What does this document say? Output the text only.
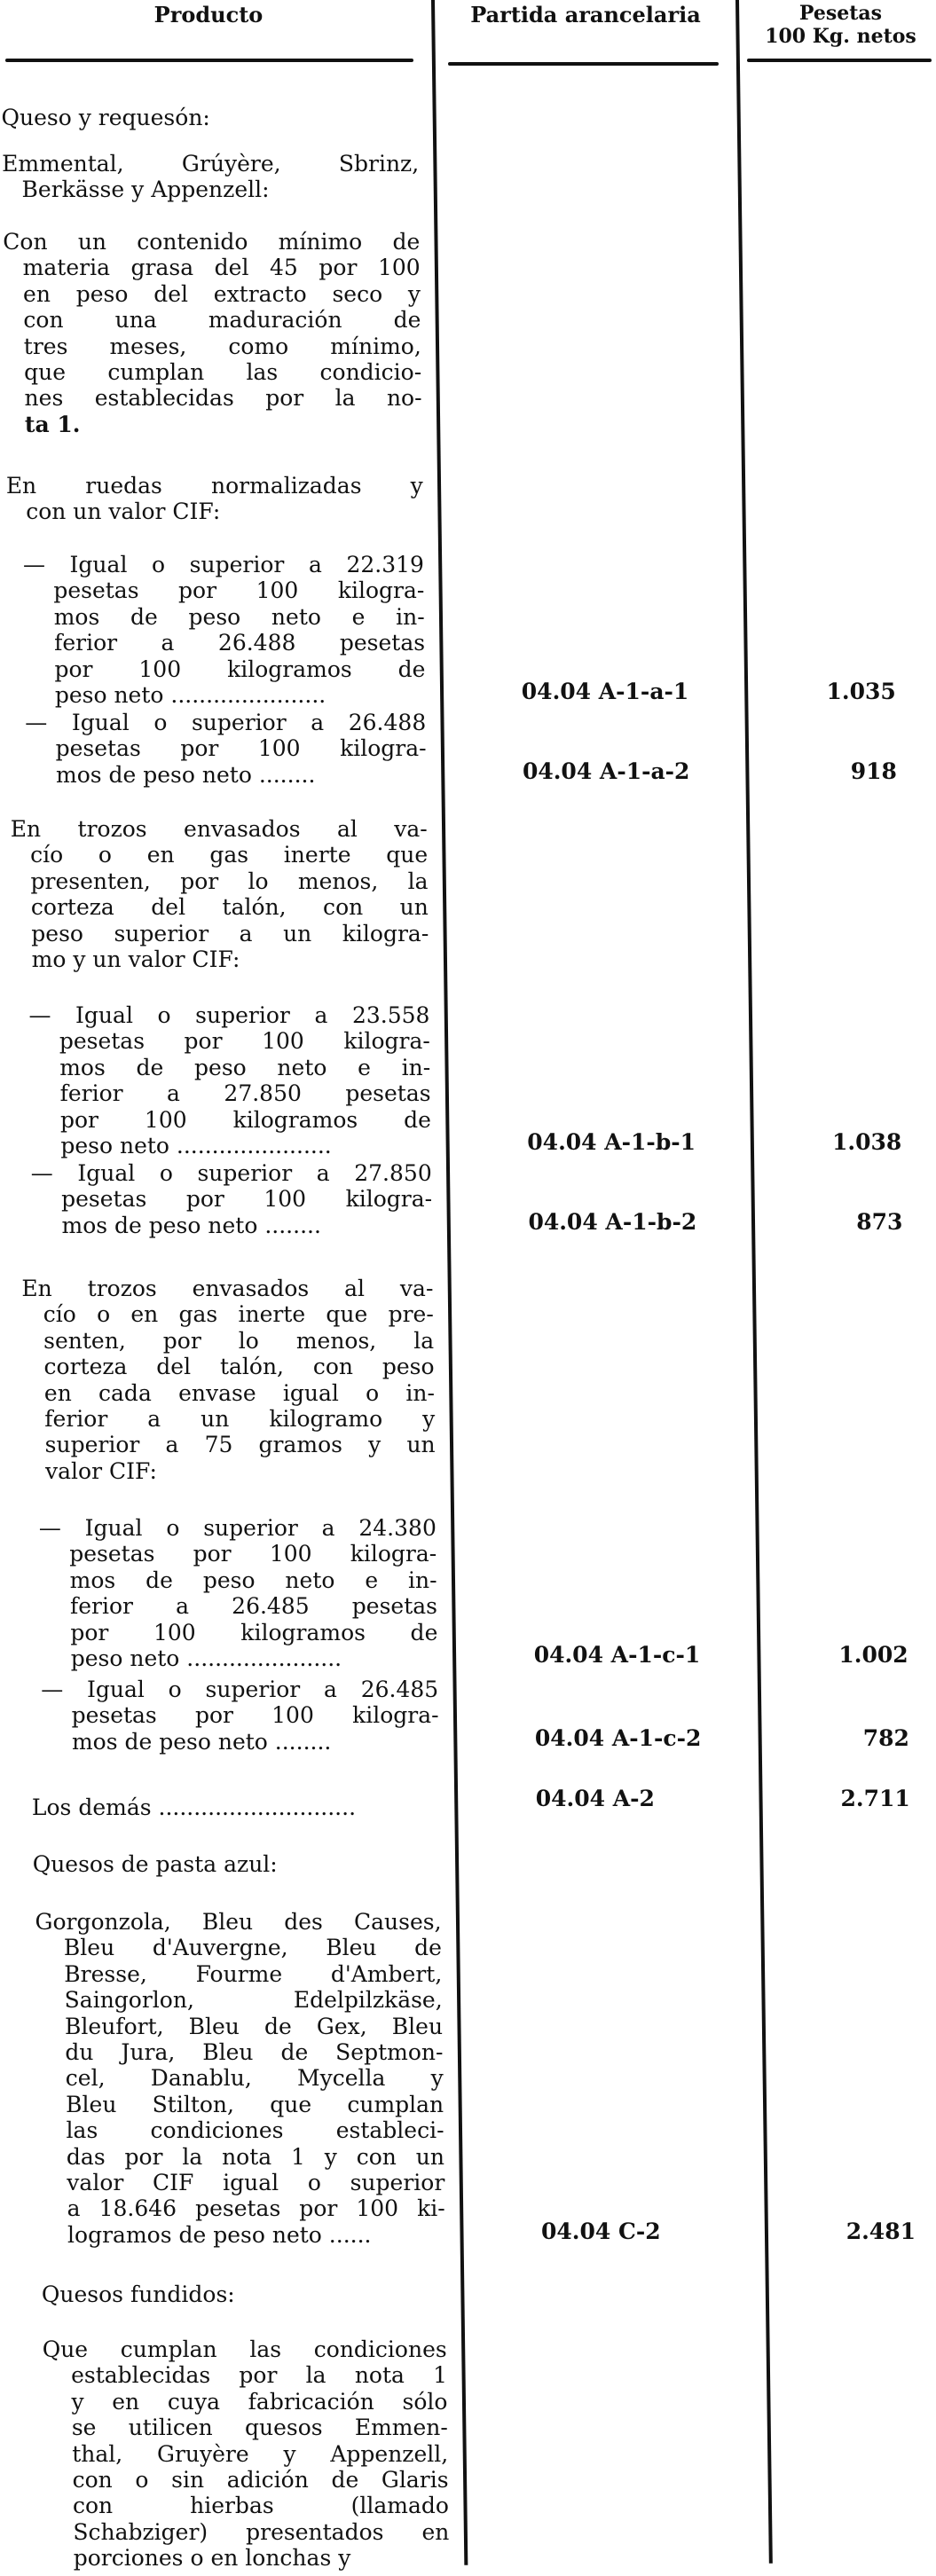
Producto	Partida arancelaria	Pesetas
100 Kg. netos
Queso y requesón:
Emmental, Grúyère, Sbrinz,
Berkässe y Appenzell:
Con un contenido mínimo de
materia grasa del 45 por 100
en peso del extracto seco y
con una maduración de
tres meses, como mínimo,
que cumplan las condicio-
nes establecidas por la no-
ta 1.
En ruedas normalizadas y
con un valor CIF:
— Igual o superior a 22.319
pesetas por 100 kilogra-
mos de peso neto e in-
ferior a 26.488 pesetas
por 100 kilogramos de
peso neto ......................	04.04 A-1-a-1	1.035
— Igual o superior a 26.488
pesetas por 100 kilogra-
mos de peso neto ........	04.04 A-1-a-2	918
En trozos envasados al va-
cío o en gas inerte que
presenten, por lo menos, la
corteza del talón, con un
peso superior a un kilogra-
mo y un valor CIF:
— Igual o superior a 23.558
pesetas por 100 kilogra-
mos de peso neto e in-
ferior a 27.850 pesetas
por 100 kilogramos de
peso neto ......................	04.04 A-1-b-1	1.038
— Igual o superior a 27.850
pesetas por 100 kilogra-
mos de peso neto ........	04.04 A-1-b-2	873
En trozos envasados al va-
cío o en gas inerte que pre-
senten, por lo menos, la
corteza del talón, con peso
en cada envase igual o in-
ferior a un kilogramo y
superior a 75 gramos y un
valor CIF:
— Igual o superior a 24.380
pesetas por 100 kilogra-
mos de peso neto e in-
ferior a 26.485 pesetas
por 100 kilogramos de
peso neto ......................	04.04 A-1-c-1	1.002
— Igual o superior a 26.485
pesetas por 100 kilogra-
mos de peso neto ........	04.04 A-1-c-2	782
Los demás ............................	04.04 A-2	2.711
Quesos de pasta azul:
Gorgonzola, Bleu des Causes,
Bleu d'Auvergne, Bleu de
Bresse, Fourme d'Ambert,
Saingorlon, Edelpilzkäse,
Bleufort, Bleu de Gex, Bleu
du Jura, Bleu de Septmon-
cel, Danablu, Mycella y
Bleu Stilton, que cumplan
las condiciones estableci-
das por la nota 1 y con un
valor CIF igual o superior
a 18.646 pesetas por 100 ki-
logramos de peso neto ......	04.04 C-2	2.481
Quesos fundidos:
Que cumplan las condiciones
establecidas por la nota 1
y en cuya fabricación sólo
se utilicen quesos Emmen-
thal, Gruyère y Appenzell,
con o sin adición de Glaris
con hierbas (llamado
Schabziger) presentados en
porciones o en lonchas y
